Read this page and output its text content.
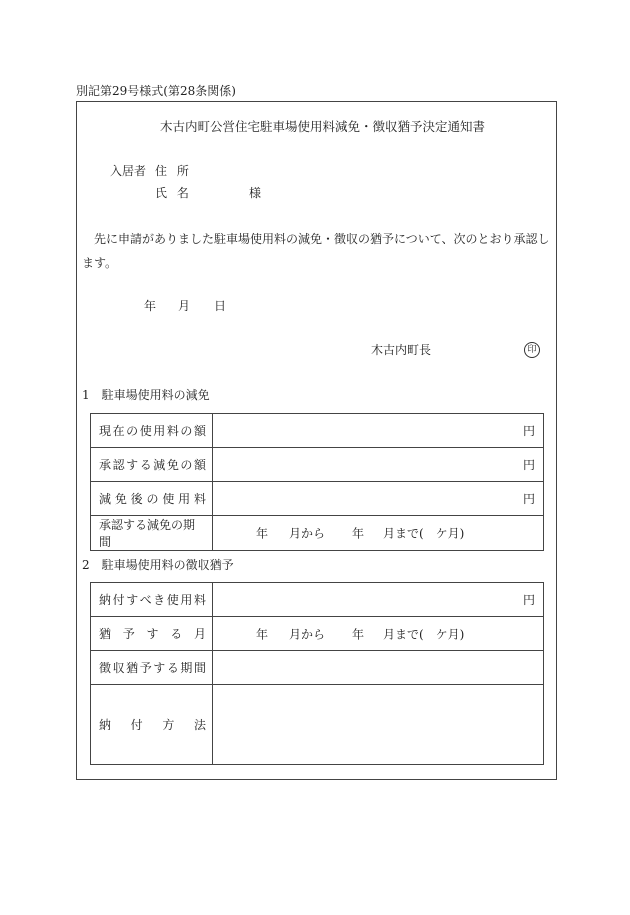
別記第29号様式(第28条関係)
木古内町公営住宅駐車場使用料減免・徴収猶予決定通知書
入居者 住 所
氏 名	様
先に申請がありました駐車場使用料の減免・徴収の猶予について、次のとおり承認し
ます。
年 月 日
木古内町長	印
1　駐車場使用料の減免
現在の使用料の額	円

承認する減免の額	円

減免後の使用料	円

承認する減免の期間	年 月から 年 月まで(　ケ月)
2　駐車場使用料の徴収猶予
納付すべき使用料	円

猶予する月	年 月から 年 月まで(　ケ月)

徴収猶予する期間	

納付方法	
